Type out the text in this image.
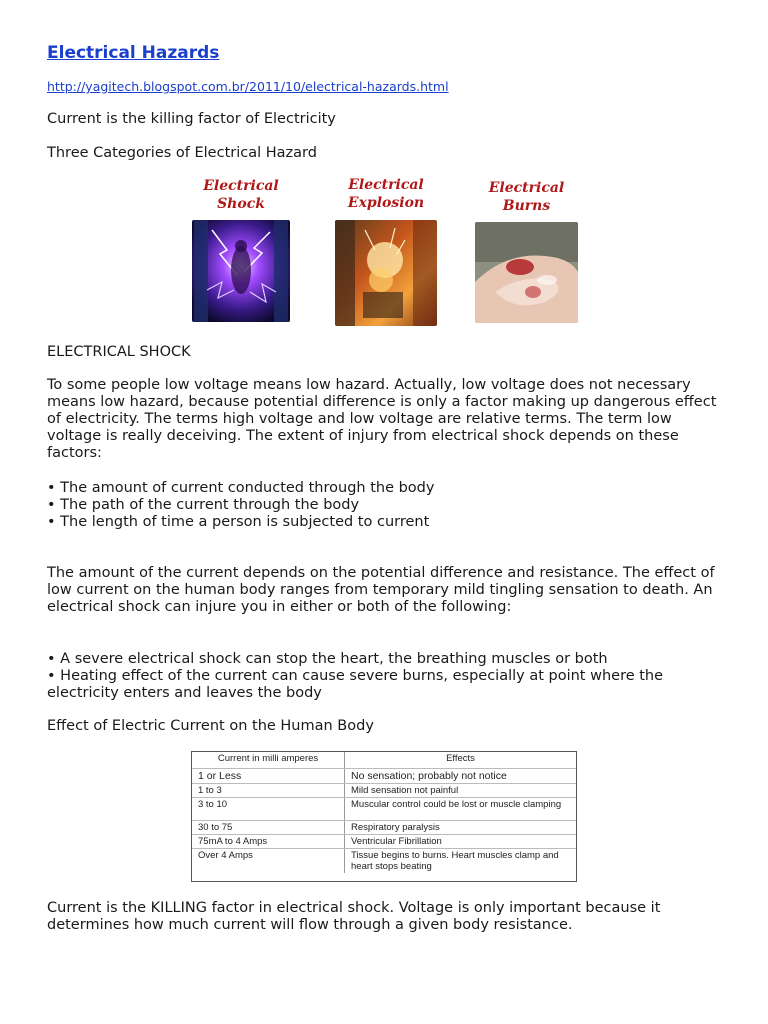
Electrical Hazards
http://yagitech.blogspot.com.br/2011/10/electrical-hazards.html
Current is the killing factor of Electricity
Three Categories of Electrical Hazard
Electrical
Shock
Electrical
Explosion
Electrical
Burns
ELECTRICAL SHOCK

To some people low voltage means low hazard. Actually, low voltage does not necessary means low hazard, because potential difference is only a factor making up dangerous effect of electricity. The terms high voltage and low voltage are relative terms. The term low voltage is really deceiving. The extent of injury from electrical shock depends on these factors:

• The amount of current conducted through the body
• The path of the current through the body
• The length of time a person is subjected to current

The amount of the current depends on the potential difference and resistance. The effect of low current on the human body ranges from temporary mild tingling sensation to death. An electrical shock can injure you in either or both of the following:

• A severe electrical shock can stop the heart, the breathing muscles or both
• Heating effect of the current can cause severe burns, especially at point where the electricity enters and leaves the body
Effect of Electric Current on the Human Body
Current in milli amperes	Effects
1 or Less	No sensation; probably not notice
1 to 3	Mild sensation not painful
3 to 10	Muscular control could be lost or muscle clamping
30 to 75	Respiratory paralysis
75mA to 4 Amps	Ventricular Fibrillation
Over 4 Amps	Tissue begins to burns. Heart muscles clamp and heart stops beating

Current is the KILLING factor in electrical shock. Voltage is only important because it determines how much current will flow through a given body resistance.
